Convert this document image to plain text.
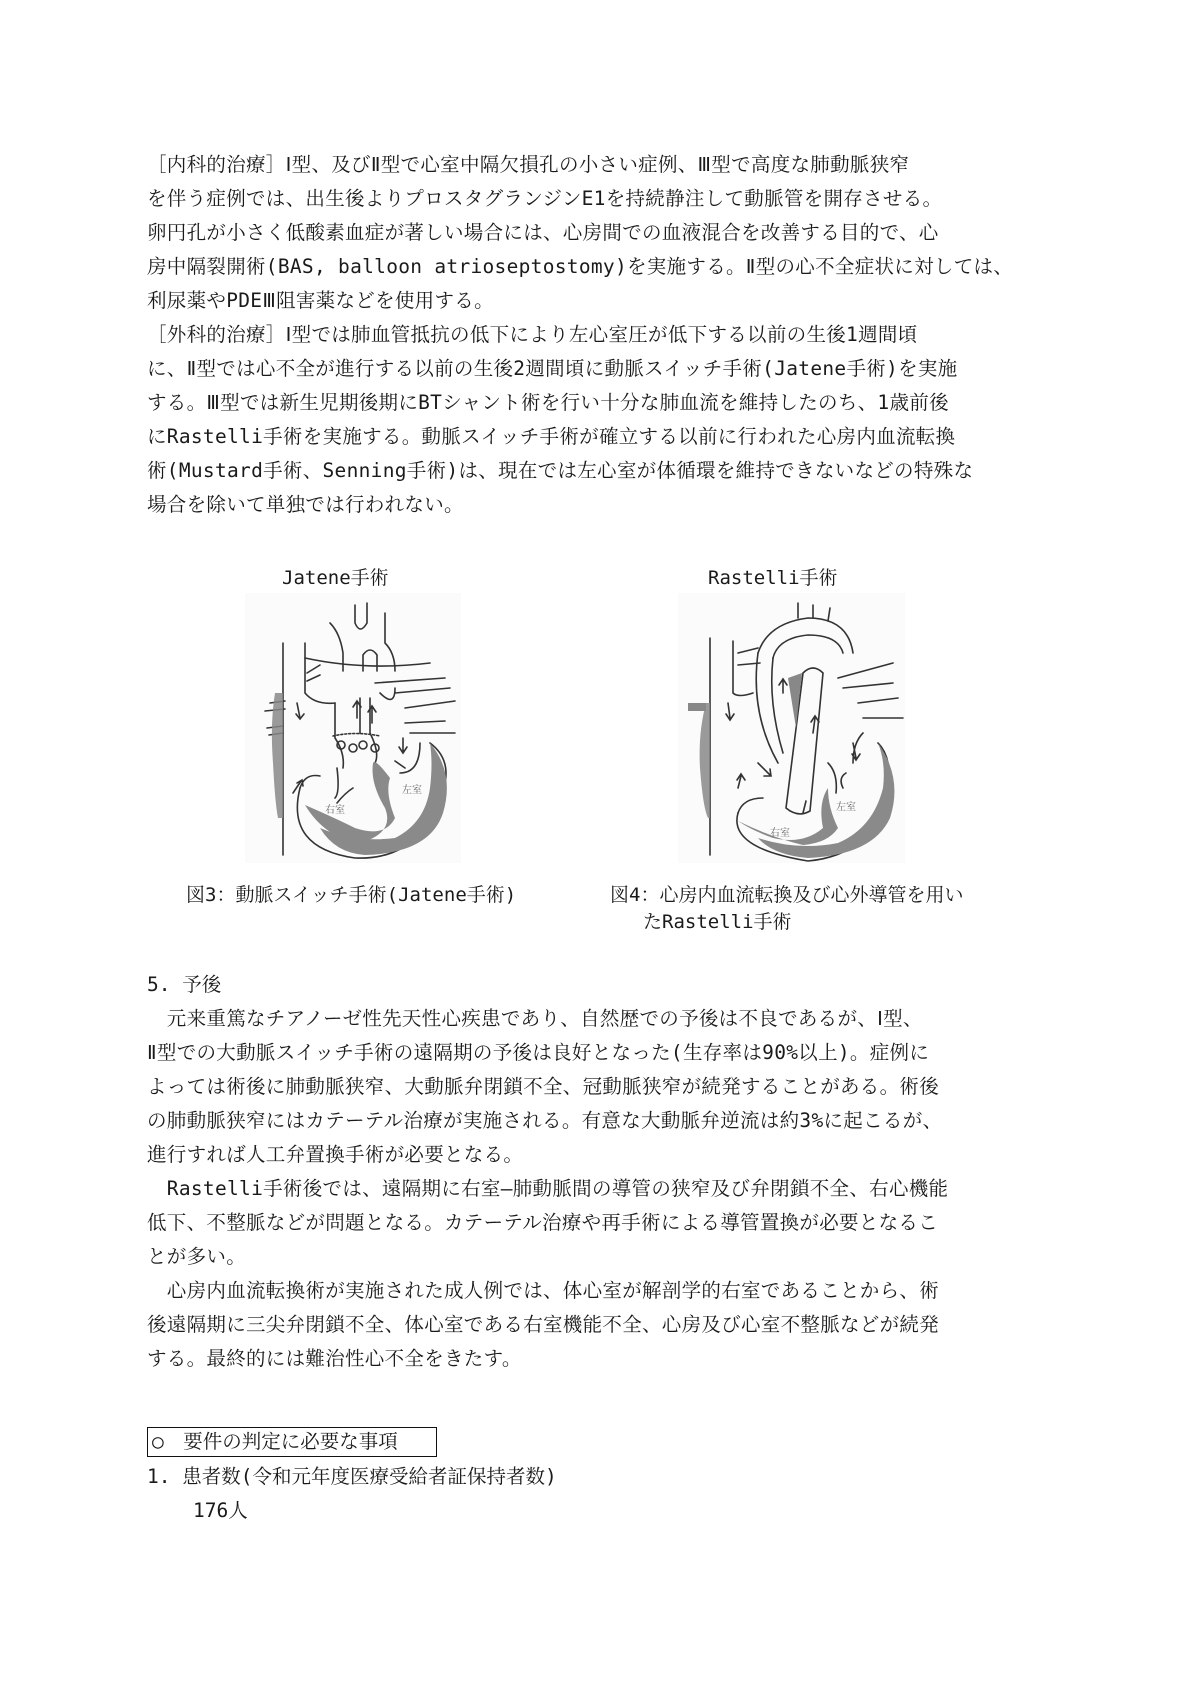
［内科的治療］Ⅰ型、及びⅡ型で心室中隔欠損孔の小さい症例、Ⅲ型で高度な肺動脈狭窄
を伴う症例では、出生後よりプロスタグランジンE1を持続静注して動脈管を開存させる。
卵円孔が小さく低酸素血症が著しい場合には、心房間での血液混合を改善する目的で、心
房中隔裂開術(BAS, balloon atrioseptostomy)を実施する。Ⅱ型の心不全症状に対しては、
利尿薬やPDEⅢ阻害薬などを使用する。
［外科的治療］Ⅰ型では肺血管抵抗の低下により左心室圧が低下する以前の生後1週間頃
に、Ⅱ型では心不全が進行する以前の生後2週間頃に動脈スイッチ手術(Jatene手術)を実施
する。Ⅲ型では新生児期後期にBTシャント術を行い十分な肺血流を維持したのち、1歳前後
にRastelli手術を実施する。動脈スイッチ手術が確立する以前に行われた心房内血流転換
術(Mustard手術、Senning手術)は、現在では左心室が体循環を維持できないなどの特殊な
場合を除いて単独では行われない。
Jatene手術
右室
左室
Rastelli手術
右室
左室
図3：動脈スイッチ手術(Jatene手術)	図4：心房内血流転換及び心外導管を用い
たRastelli手術
5. 予後
　元来重篤なチアノーゼ性先天性心疾患であり、自然歴での予後は不良であるが、Ⅰ型、
Ⅱ型での大動脈スイッチ手術の遠隔期の予後は良好となった(生存率は90%以上)。症例に
よっては術後に肺動脈狭窄、大動脈弁閉鎖不全、冠動脈狭窄が続発することがある。術後
の肺動脈狭窄にはカテーテル治療が実施される。有意な大動脈弁逆流は約3%に起こるが、
進行すれば人工弁置換手術が必要となる。
　Rastelli手術後では、遠隔期に右室―肺動脈間の導管の狭窄及び弁閉鎖不全、右心機能
低下、不整脈などが問題となる。カテーテル治療や再手術による導管置換が必要となるこ
とが多い。
　心房内血流転換術が実施された成人例では、体心室が解剖学的右室であることから、術
後遠隔期に三尖弁閉鎖不全、体心室である右室機能不全、心房及び心室不整脈などが続発
する。最終的には難治性心不全をきたす。
○　要件の判定に必要な事項
1. 患者数(令和元年度医療受給者証保持者数)
176人
